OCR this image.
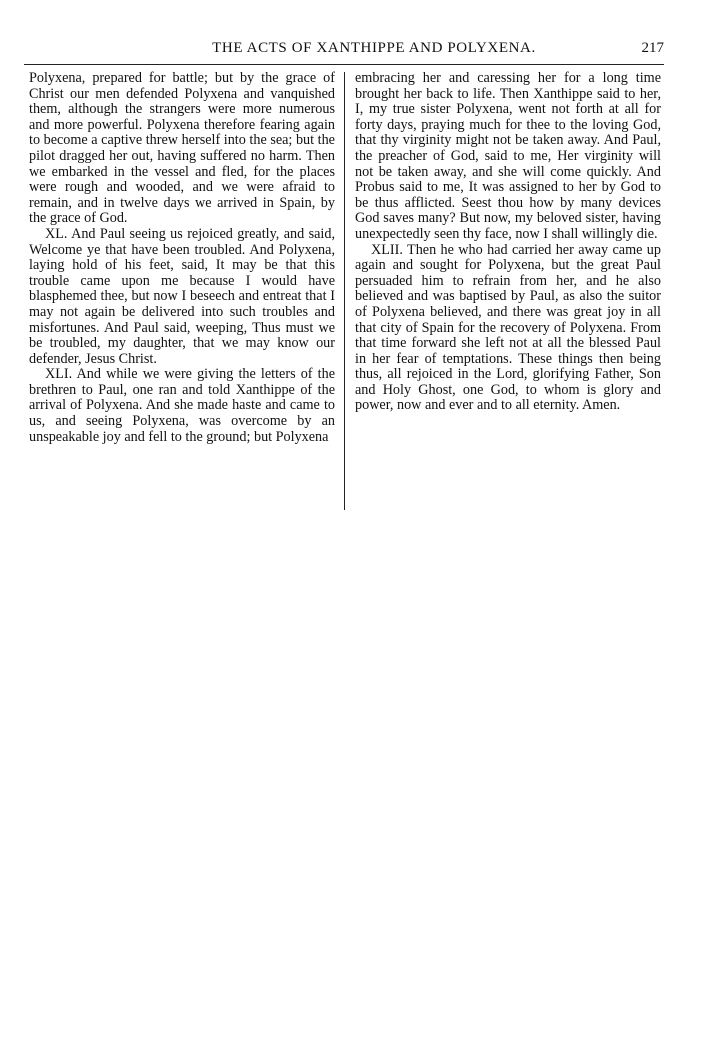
THE ACTS OF XANTHIPPE AND POLYXENA.	217

Polyxena, prepared for battle; but by the grace of Christ our men defended Polyxena and vanquished them, although the strangers were more numerous and more powerful. Polyxena therefore fearing again to become a captive threw herself into the sea; but the pilot dragged her out, having suffered no harm. Then we embarked in the vessel and fled, for the places were rough and wooded, and we were afraid to remain, and in twelve days we arrived in Spain, by the grace of God.

XL. And Paul seeing us rejoiced greatly, and said, Welcome ye that have been troubled. And Polyxena, laying hold of his feet, said, It may be that this trouble came upon me because I would have blasphemed thee, but now I beseech and entreat that I may not again be delivered into such troubles and misfortunes. And Paul said, weeping, Thus must we be troubled, my daughter, that we may know our defender, Jesus Christ.

XLI. And while we were giving the letters of the brethren to Paul, one ran and told Xanthippe of the arrival of Polyxena. And she made haste and came to us, and seeing Polyxena, was overcome by an unspeakable joy and fell to the ground; but Polyxena

embracing her and caressing her for a long time brought her back to life. Then Xanthippe said to her, I, my true sister Polyxena, went not forth at all for forty days, praying much for thee to the loving God, that thy virginity might not be taken away. And Paul, the preacher of God, said to me, Her virginity will not be taken away, and she will come quickly. And Probus said to me, It was assigned to her by God to be thus afflicted. Seest thou how by many devices God saves many? But now, my beloved sister, having unexpectedly seen thy face, now I shall willingly die.

XLII. Then he who had carried her away came up again and sought for Polyxena, but the great Paul persuaded him to refrain from her, and he also believed and was baptised by Paul, as also the suitor of Polyxena believed, and there was great joy in all that city of Spain for the recovery of Polyxena. From that time forward she left not at all the blessed Paul in her fear of temptations. These things then being thus, all rejoiced in the Lord, glorifying Father, Son and Holy Ghost, one God, to whom is glory and power, now and ever and to all eternity. Amen.
